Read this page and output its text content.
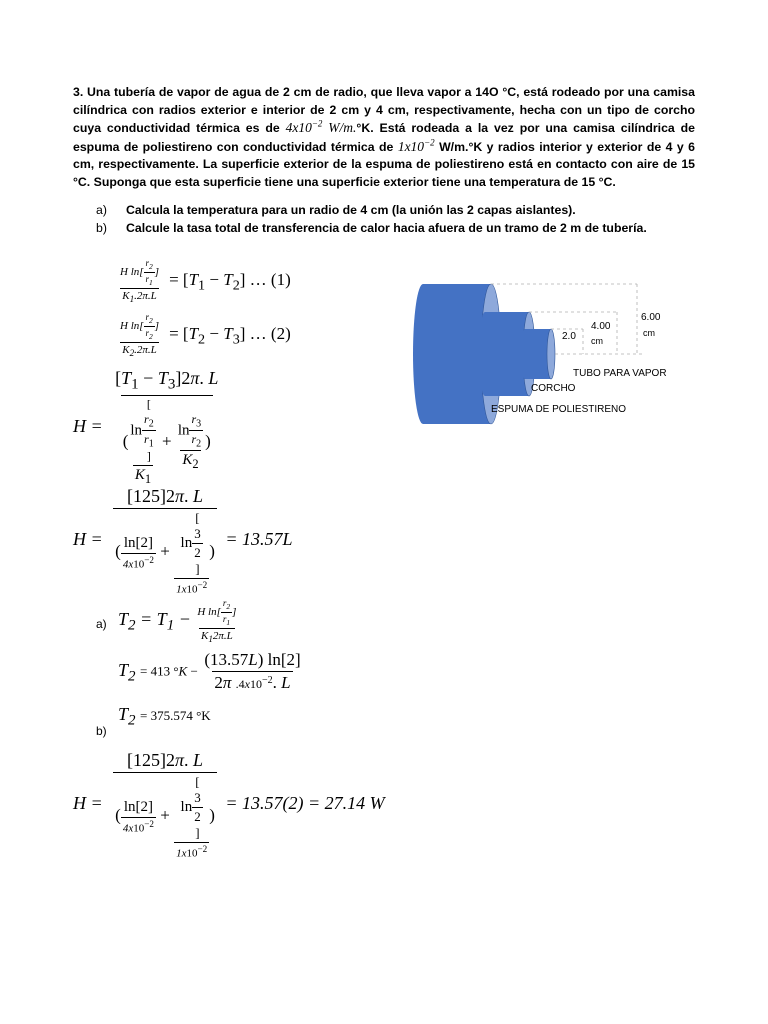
3. Una tubería de vapor de agua de 2 cm de radio, que lleva vapor a 14O °C, está rodeado por una camisa cilíndrica con radios exterior e interior de 2 cm y 4 cm, respectivamente, hecha con un tipo de corcho cuya conductividad térmica es de $4x10^{-2}$ W/m.°K. Está rodeada a la vez por una camisa cilíndrica de espuma de poliestireno con conductividad térmica de $1x10^{-2}$ W/m.°K y radios interior y exterior de 4 y 6 cm, respectivamente. La superficie exterior de la espuma de poliestireno está en contacto con aire de 15 °C. Suponga que esta superficie tiene una superficie exterior tiene una temperatura de 15 °C.
a) Calcula la temperatura para un radio de 4 cm (la unión las 2 capas aislantes).
b) Calcule la tasa total de transferencia de calor hacia afuera de un tramo de 2 m de tubería.
$\frac{H \ln[ \frac{r_2}{r_1} ]}{K_1.2\pi.L} = [T_1 - T_2]$ … (1)
$\frac{H \ln[ \frac{r_2}{r_2} ]}{K_2.2\pi.L} = [T_2 - T_3]$ … (2)
$H = [T_1 - T_3]2\pi$. L
( ln[
$r_2$
$r_1$
]
$K_1 + \frac{\ln \frac{r_3}{r_2}}{K_2}$ )
H = [125]2π. L
( $\frac{\ln[2]}{4x10^{-2}} + \ln$[
3
2
]
$1x10^{-2}$ ) = 13.57L
a) $T_2 = T_1 - \frac{H \ln[ \frac{r_2}{r_1} ]}{K_12\pi.L}$
$T_2 = 413$ $^\circ K - \frac{(13.57L) \ln[2]}{2\pi .4x10^{-2}. L}$
$T_2 = 375.574$ °K
b)
H = [125]2π. L
( $\frac{\ln[2]}{4x10^{-2}} + \ln$[
3
2
]
$1x10^{-2}$ ) = 13.57(2) = 27.14 W
6.00
cm
4.00
cm
2.0
TUBO PARA VAPOR
CORCHO
ESPUMA DE POLIESTIRENO
